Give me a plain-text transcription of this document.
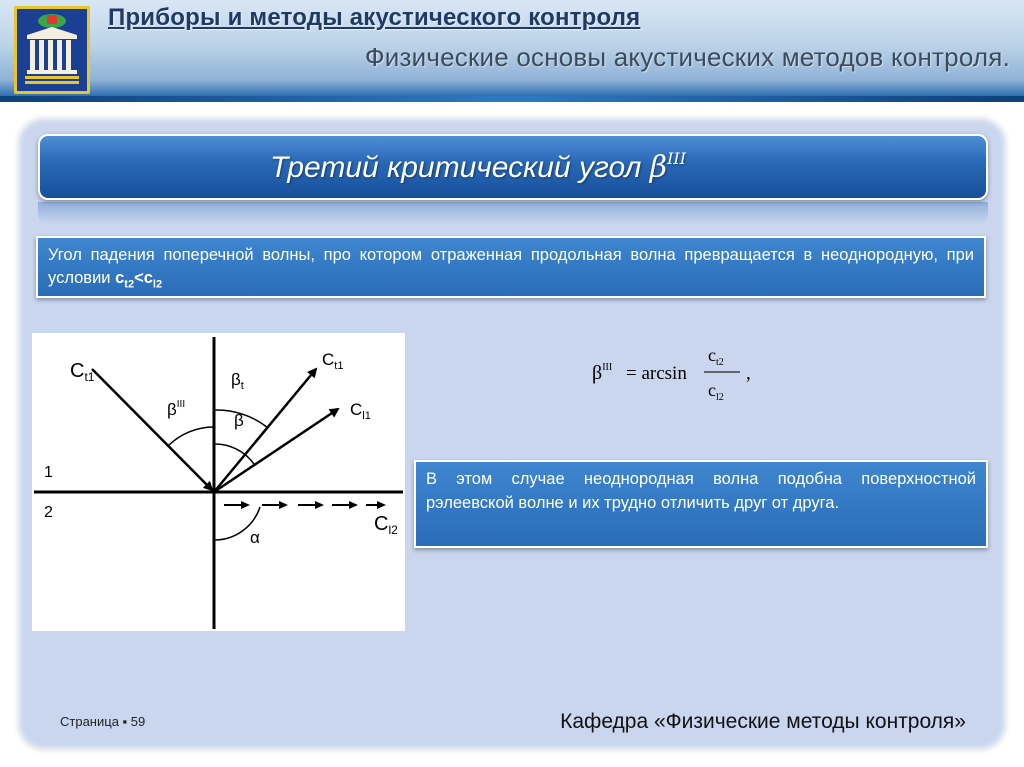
Приборы и методы акустического контроля
Физические основы акустических методов контроля.
Третий критический угол $\beta^{III}$
Угол падения поперечной волны, про котором отраженная продольная волна превращается в неоднородную, при условии $c_{t2}<c_{l2}$
$C_{t1}$
$\beta^{III}$
$\beta_t$
β
$C_{t1}$
$C_{l1}$
1
2
α
$C_{l2}$
$\beta^{III} = \arcsin$
$c_{t2}$
$c_{l2}$
,
В этом случае неоднородная волна подобна поверхностной рэлеевской волне и их трудно отличить друг от друга.
Страница ▪ 59	Кафедра «Физические методы контроля»
